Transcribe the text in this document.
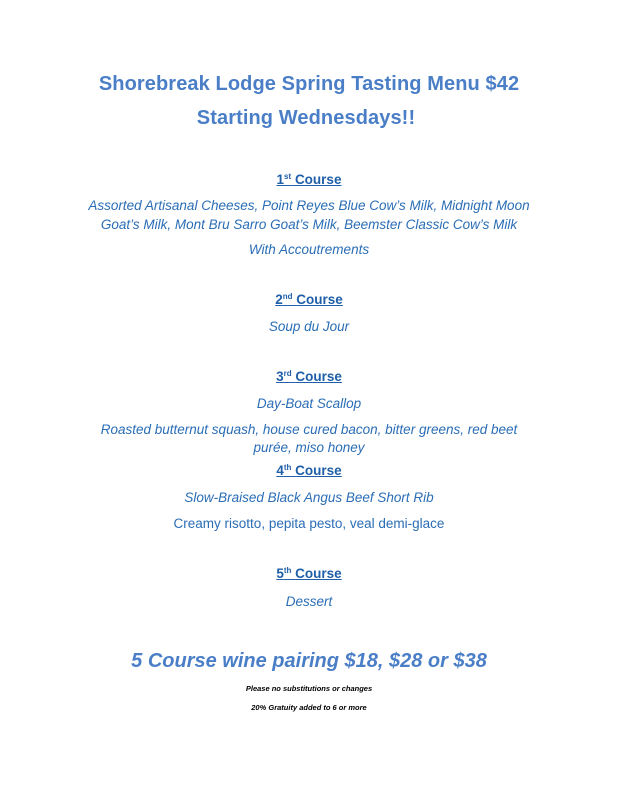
Shorebreak Lodge Spring Tasting Menu $42
Starting Wednesdays!!
1st Course
Assorted Artisanal Cheeses, Point Reyes Blue Cow’s Milk, Midnight Moon
Goat’s Milk, Mont Bru Sarro Goat’s Milk, Beemster Classic Cow’s Milk
With Accoutrements
2nd Course
Soup du Jour
3rd Course
Day-Boat Scallop
Roasted butternut squash, house cured bacon, bitter greens, red beet
purée, miso honey
4th Course
Slow-Braised Black Angus Beef Short Rib
Creamy risotto, pepita pesto, veal demi-glace
5th Course
Dessert
5 Course wine pairing $18, $28 or $38
Please no substitutions or changes
20% Gratuity added to 6 or more
